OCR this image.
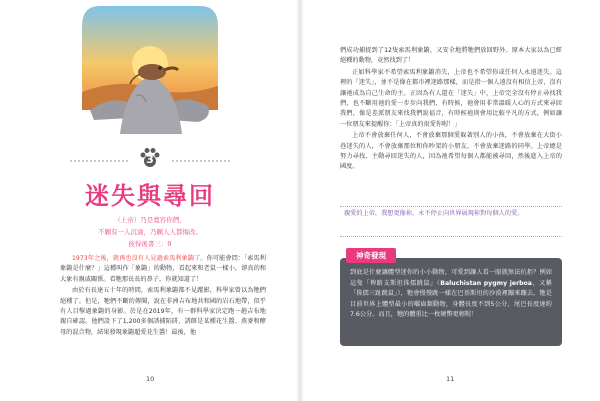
3
迷失與尋回
（上帝）乃是寬容你們，
不願有一人沉淪，乃願人人都悔改。
彼得後書三：9

1973年之後，就再也沒有人見過索馬利象鼩了。你可能會問：「索馬利象鼩是什麼？」這種叫作「象鼩」的動物，看起來和老鼠一樣小，卻真的和大象有親戚關係。看牠那長長的鼻子，你就知道了！

由於有長達五十年的時間，索馬利象鼩都不見蹤影，科學家曾以為牠們絕種了。但是，牠們不斷的傳聞，說在非洲吉布地共和國的岩石地帶，似乎有人目擊過象鼩的身影。於是在2019年，有一群科學家決定跑一趟吉布地親自確認。他們設下了1,200多個誘捕陷阱，誘餌是某種花生醬、燕麥和酵母的混合物，結果發現象鼩超愛花生醬！最後，他

10

們成功捕捉到了12隻索馬利象鼩，又安全地將牠們放回野外。原本大家以為已經絕種的動物，竟然找到了！

正如科學家不希望索馬利象鼩消失，上帝也不希望你或任何人永遠迷失。這裡的「迷失」，並不是像在都市裡迷路那樣，而是指一個人遠沒有相信上帝，沒有讓祂成為自己生命的主。正因為有人還在「迷失」中，上帝完全沒有停止尋找我們，也不斷用祂的愛一步步向我們，有時候，祂會用非常溫暖人心的方式來尋回我們，像是差派朋友來找我們說福音，有時候祂則會用比較平凡的方式，例如讓一位朋友來提醒你：「上帝真的很愛你喔！」

上帝不會放棄任何人，不會放棄那個愛躲著別人的小孩，不會放棄在大街小巷迷失的人，不會放棄那位和你吵架的小朋友，不會放棄迷路的同學。上帝總是努力尋找、主動尋回迷失的人，因為祂希望每個人都能被尋回，然後進入上帝的國度。

親愛的上帝，我想更像祢，永不停止向世界展現祢對每個人的愛。
到底是什麼讓體型迷你的小小動物，可愛到讓人看一眼就無法抗拒？例如這隻「俾路支斯坦侏儒跳鼠」（Baluchistan pygmy jerboa，又稱「侏儒三趾跳鼠」），牠會慢慢跳一樣在巴基斯坦的沙漠裡蹦來蹦去。牠是目前世界上體型最小的囓齒類動物，身體長度不到5公分，尾巴長度達約7.6公分。而且，牠的體重比一枚硬幣更輕喔！
神奇發現
11
